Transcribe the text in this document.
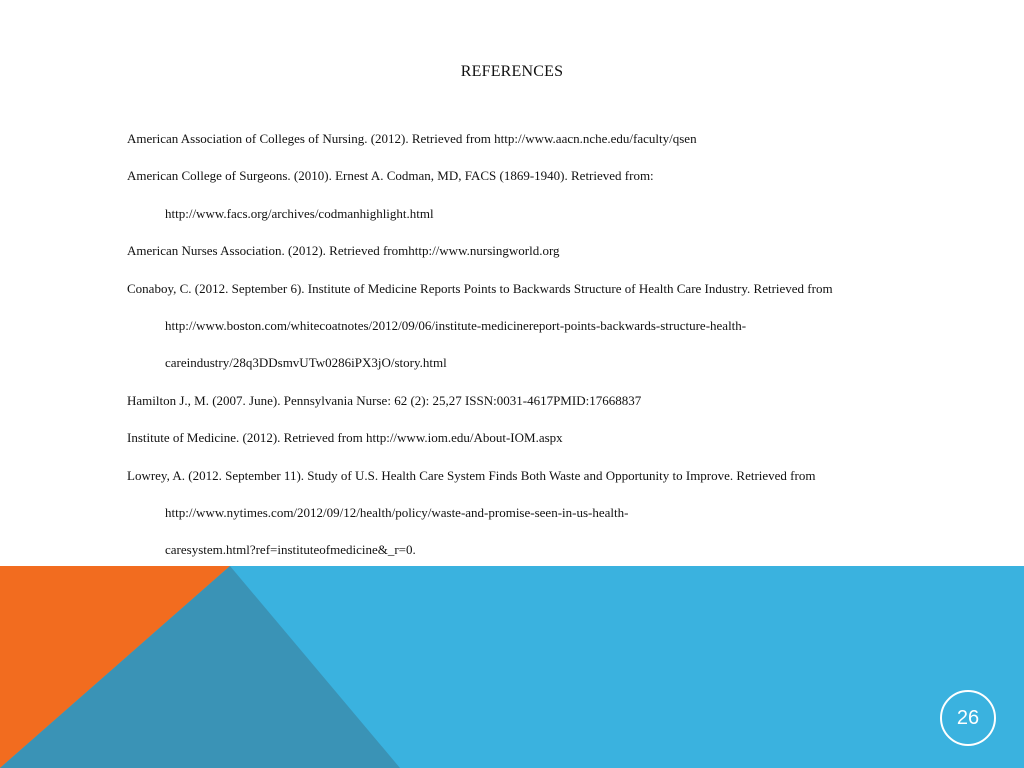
REFERENCES
American Association of Colleges of Nursing. (2012). Retrieved from http://www.aacn.nche.edu/faculty/qsen
American College of Surgeons. (2010). Ernest A. Codman, MD, FACS (1869-1940). Retrieved from:
http://www.facs.org/archives/codmanhighlight.html
American Nurses Association. (2012). Retrieved fromhttp://www.nursingworld.org
Conaboy, C. (2012. September 6). Institute of Medicine Reports Points to Backwards Structure of Health Care Industry. Retrieved from
http://www.boston.com/whitecoatnotes/2012/09/06/institute-medicinereport-points-backwards-structure-health-
careindustry/28q3DDsmvUTw0286iPX3jO/story.html
Hamilton J., M. (2007. June). Pennsylvania Nurse: 62 (2): 25,27 ISSN:0031-4617PMID:17668837
Institute of Medicine. (2012). Retrieved from http://www.iom.edu/About-IOM.aspx
Lowrey, A. (2012. September 11). Study of U.S. Health Care System Finds Both Waste and Opportunity to Improve. Retrieved from
http://www.nytimes.com/2012/09/12/health/policy/waste-and-promise-seen-in-us-health-
caresystem.html?ref=instituteofmedicine&_r=0.
26
